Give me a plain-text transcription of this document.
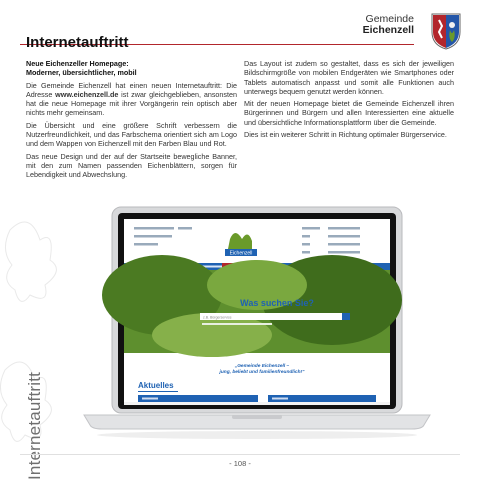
Gemeinde
Eichenzell
Internetauftritt
Neue Eichenzeller Homepage:
Moderner, übersichtlicher, mobil

Die Gemeinde Eichenzell hat einen neuen Internetauftritt: Die Adresse www.eichenzell.de ist zwar gleichgeblieben, ansonsten hat die neue Homepage mit ihrer Vorgängerin rein optisch aber nichts mehr gemeinsam.

Die Übersicht und eine größere Schrift verbessern die Nutzerfreundlichkeit, und das Farbschema orientiert sich am Logo und dem Wappen von Eichenzell mit den Farben Blau und Rot.

Das neue Design und der auf der Startseite bewegliche Banner, mit den zum Namen passenden Eichenblättern, sorgen für Lebendigkeit und Abwechslung.

Das Layout ist zudem so gestaltet, dass es sich der jeweiligen Bildschirmgröße von mobilen Endgeräten wie Smartphones oder Tablets automatisch anpasst und somit alle Funktionen auch unterwegs bequem genutzt werden können.

Mit der neuen Homepage bietet die Gemeinde Eichenzell ihren Bürgerinnen und Bürgern und allen Interessierten eine aktuelle und übersichtliche Informationsplattform über die Gemeinde.

Dies ist ein weiterer Schritt in Richtung optimaler Bürgerservice.

Internetauftritt
Eichenzell
Was suchen Sie?
z.B. Bürgerservice
„Gemeinde Eichenzell –
jung, beliebt und familienfreundlich!"
Aktuelles
- 108 -
